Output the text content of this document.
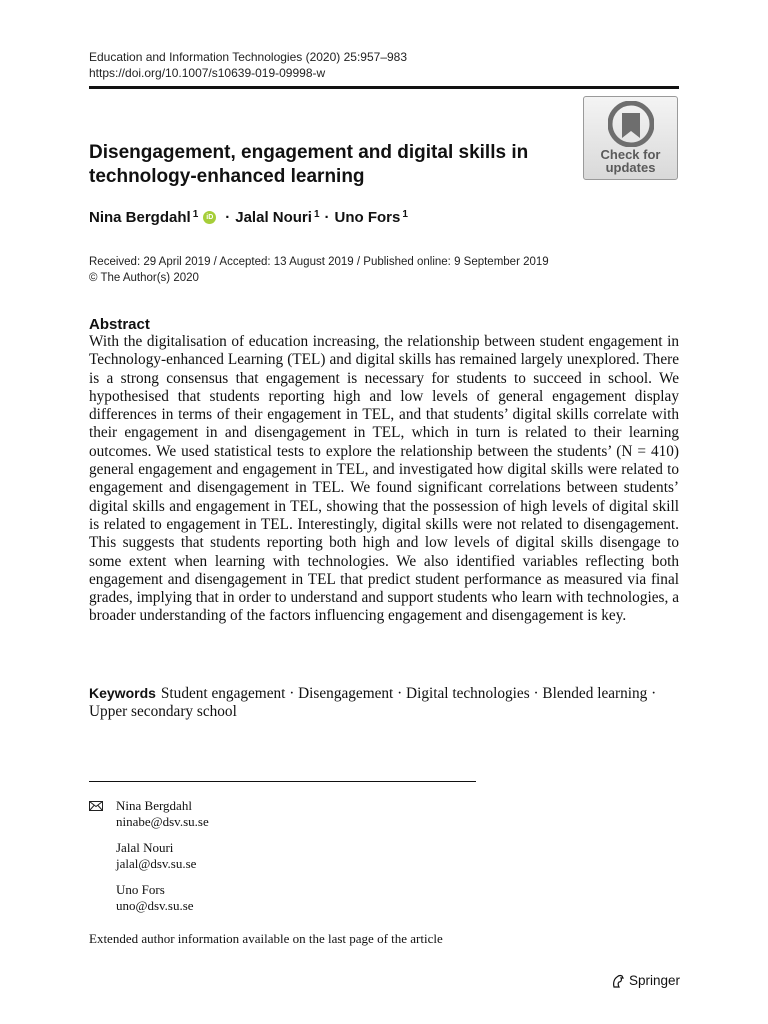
Education and Information Technologies (2020) 25:957–983
https://doi.org/10.1007/s10639-019-09998-w
Check for
updates
Disengagement, engagement and digital skills in technology-enhanced learning
Nina Bergdahl$^1$	iD · Jalal Nouri$^1$ · Uno Fors$^1$
Received: 29 April 2019 / Accepted: 13 August 2019 / Published online: 9 September 2019
© The Author(s) 2020
Abstract
With the digitalisation of education increasing, the relationship between student engagement in Technology-enhanced Learning (TEL) and digital skills has remained largely unexplored. There is a strong consensus that engagement is necessary for students to succeed in school. We hypothesised that students reporting high and low levels of general engagement display differences in terms of their engagement in TEL, and that students’ digital skills correlate with their engagement in and disengagement in TEL, which in turn is related to their learning outcomes. We used statistical tests to explore the relationship between the students’ (N = 410) general engagement and engagement in TEL, and investigated how digital skills were related to engagement and disengagement in TEL. We found significant correlations between students’ digital skills and engagement in TEL, showing that the possession of high levels of digital skill is related to engagement in TEL. Interestingly, digital skills were not related to disengagement. This suggests that students reporting both high and low levels of digital skills disengage to some extent when learning with technologies. We also identified variables reflecting both engagement and disengagement in TEL that predict student performance as measured via final grades, implying that in order to understand and support students who learn with technologies, a broader understanding of the factors influencing engagement and disengagement is key.
Keywords Student engagement · Disengagement · Digital technologies · Blended learning · Upper secondary school
Nina Bergdahl
ninabe@dsv.su.se
Jalal Nouri
jalal@dsv.su.se
Uno Fors
uno@dsv.su.se
Extended author information available on the last page of the article
Springer
